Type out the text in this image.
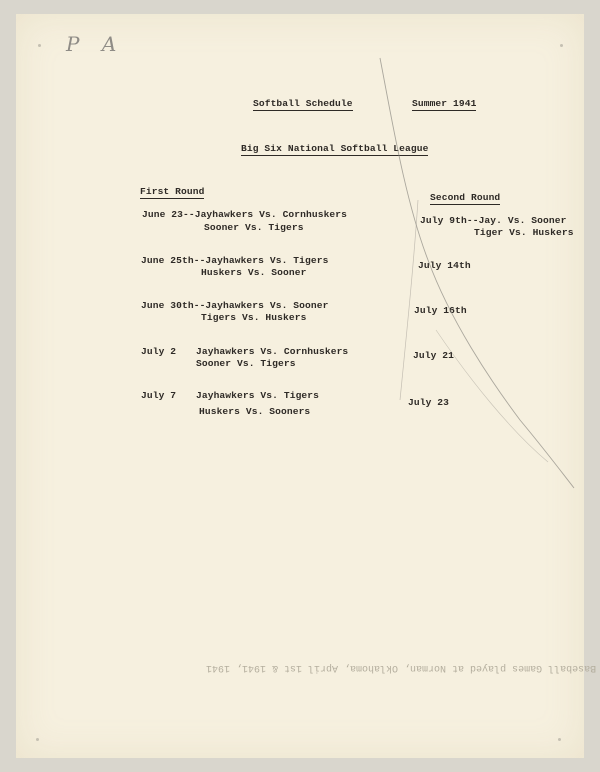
P A
Softball Schedule	Summer 1941
Big Six National Softball League
First Round
June 23--Jayhawkers Vs. Cornhuskers
Sooner Vs. Tigers
June 25th--Jayhawkers Vs. Tigers
Huskers Vs. Sooner
June 30th--Jayhawkers Vs. Sooner
Tigers Vs. Huskers
July 2 Jayhawkers Vs. Cornhuskers
Sooner Vs. Tigers
July 7 Jayhawkers Vs. Tigers
Huskers Vs. Sooners
Second Round
July 9th--Jay. Vs. Sooner
Tiger Vs. Huskers
July 14th
July 16th
July 21
July 23
Baseball Games played at Norman, Oklahoma, April 1st & 1941, 1941
